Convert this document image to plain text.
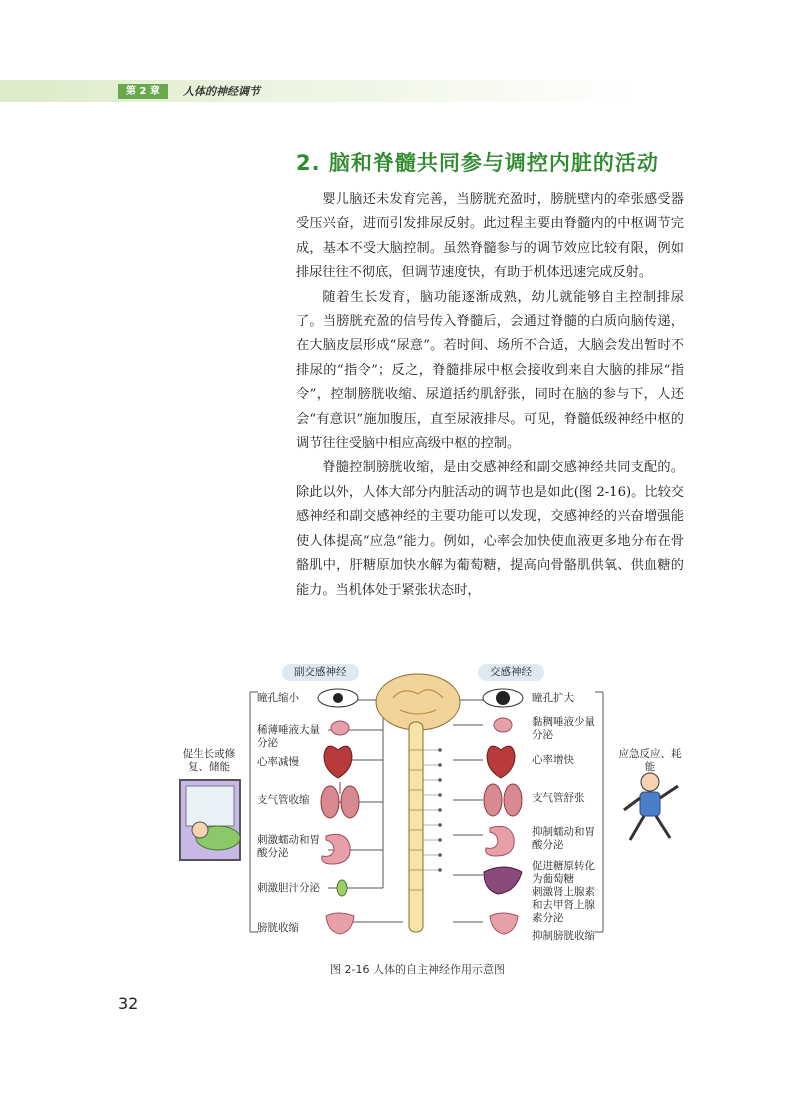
第 2 章	人体的神经调节
2. 脑和脊髓共同参与调控内脏的活动

婴儿脑还未发育完善，当膀胱充盈时，膀胱壁内的牵张感受器受压兴奋，进而引发排尿反射。此过程主要由脊髓内的中枢调节完成，基本不受大脑控制。虽然脊髓参与的调节效应比较有限，例如排尿往往不彻底，但调节速度快，有助于机体迅速完成反射。

随着生长发育，脑功能逐渐成熟，幼儿就能够自主控制排尿了。当膀胱充盈的信号传入脊髓后，会通过脊髓的白质向脑传递，在大脑皮层形成“尿意”。若时间、场所不合适，大脑会发出暂时不排尿的“指令”；反之，脊髓排尿中枢会接收到来自大脑的排尿“指令”，控制膀胱收缩、尿道括约肌舒张，同时在脑的参与下，人还会“有意识”施加腹压，直至尿液排尽。可见，脊髓低级神经中枢的调节往往受脑中相应高级中枢的控制。

脊髓控制膀胱收缩，是由交感神经和副交感神经共同支配的。除此以外，人体大部分内脏活动的调节也是如此(图 2-16)。比较交感神经和副交感神经的主要功能可以发现，交感神经的兴奋增强能使人体提高“应急”能力。例如，心率会加快使血液更多地分布在骨骼肌中，肝糖原加快水解为葡萄糖，提高向骨骼肌供氧、供血糖的能力。当机体处于紧张状态时，

副交感神经	交感神经
促生长或修复、储能
应急反应、耗能
瞳孔缩小
稀薄唾液大量分泌
心率减慢
支气管收缩
刺激蠕动和胃酸分泌
刺激胆汁分泌
膀胱收缩
瞳孔扩大
黏稠唾液少量分泌
心率增快
支气管舒张
抑制蠕动和胃酸分泌
促进糖原转化为葡萄糖
刺激肾上腺素和去甲肾上腺素分泌
抑制膀胱收缩
图 2-16 人体的自主神经作用示意图
32
